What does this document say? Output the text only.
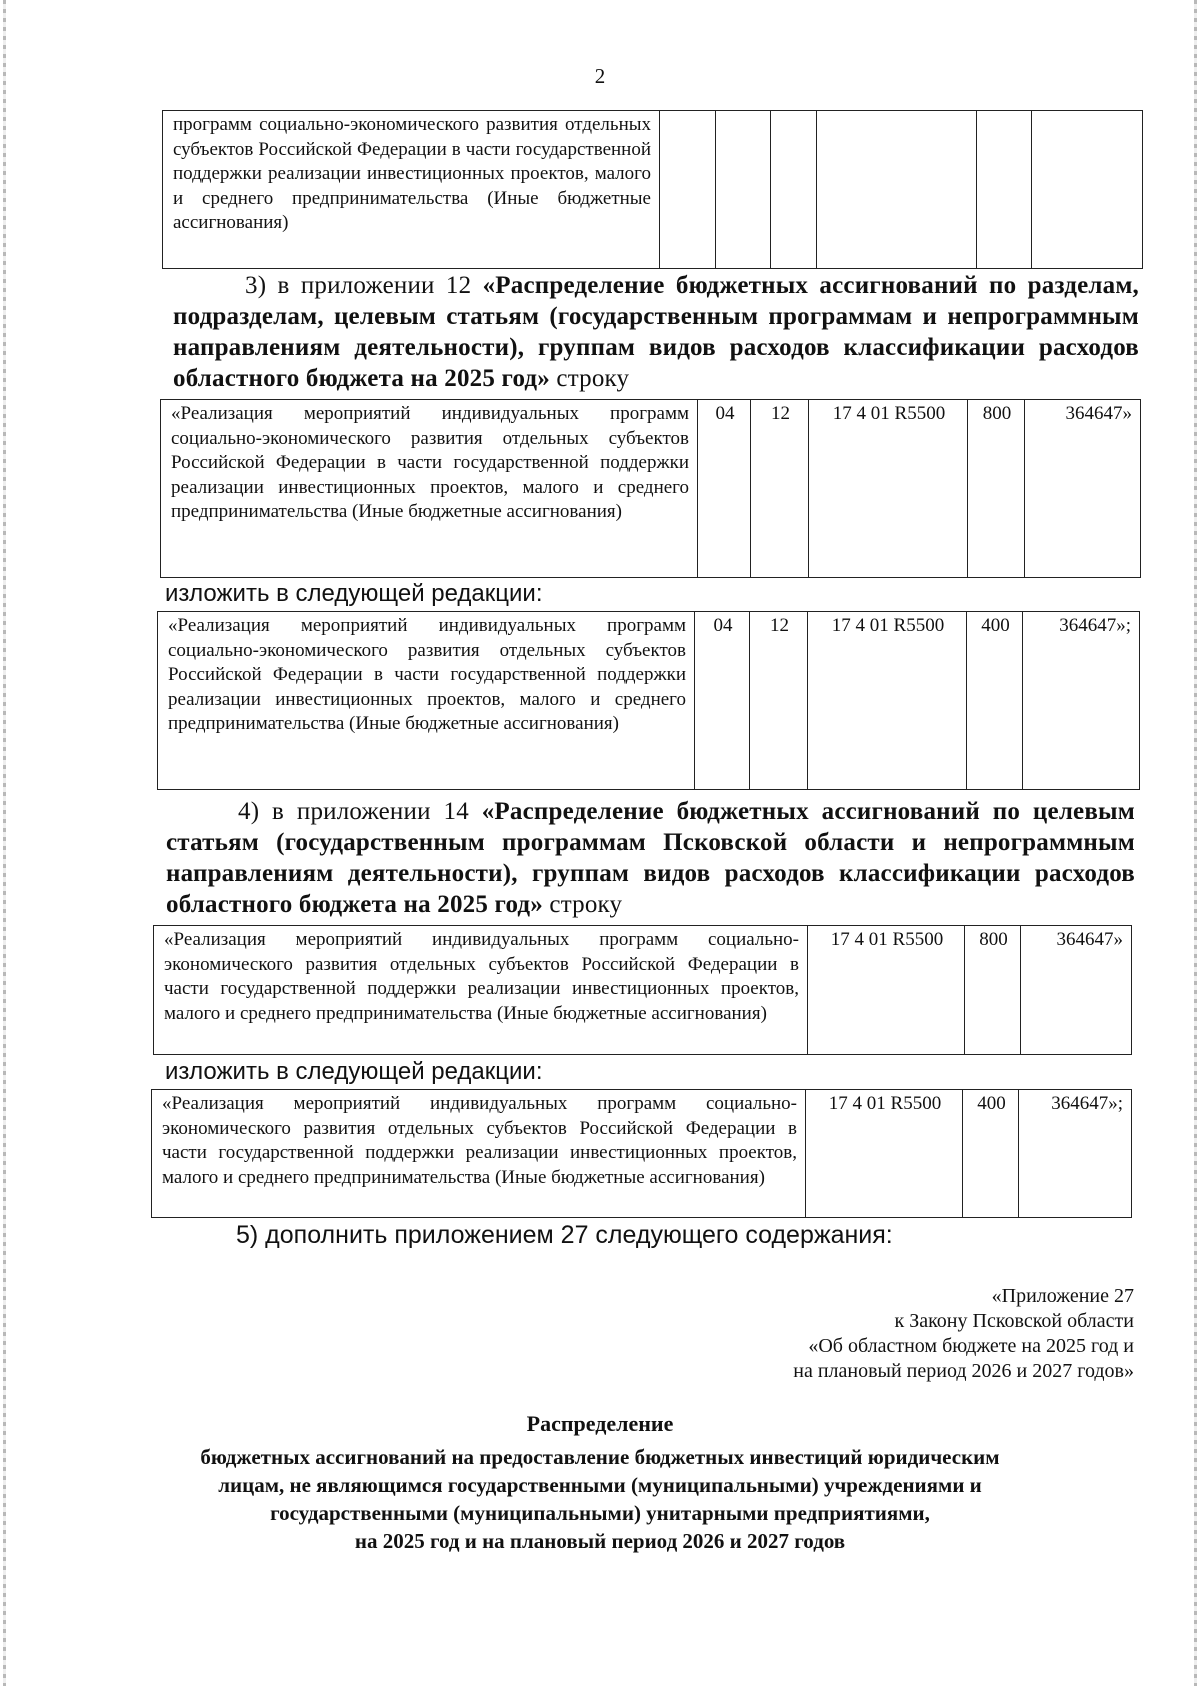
2
программ социально-экономического развития отдельных субъектов Российской Федерации в части государственной поддержки реализации инвестиционных проектов, малого и среднего предпринимательства (Иные бюджетные ассигнования)						
3) в приложении 12 «Распределение бюджетных ассигнований по разделам, подразделам, целевым статьям (государственным программам и непрограммным направлениям деятельности), группам видов расходов классификации расходов областного бюджета на 2025 год» строку
«Реализация мероприятий индивидуальных программ социально-экономического развития отдельных субъектов Российской Федерации в части государственной поддержки реализации инвестиционных проектов, малого и среднего предпринимательства (Иные бюджетные ассигнования)	04	12	17 4 01 R5500	800	364647»
изложить в следующей редакции:
«Реализация мероприятий индивидуальных программ социально-экономического развития отдельных субъектов Российской Федерации в части государственной поддержки реализации инвестиционных проектов, малого и среднего предпринимательства (Иные бюджетные ассигнования)	04	12	17 4 01 R5500	400	364647»;
4) в приложении 14 «Распределение бюджетных ассигнований по целевым статьям (государственным программам Псковской области и непрограммным направлениям деятельности), группам видов расходов классификации расходов областного бюджета на 2025 год» строку
«Реализация мероприятий индивидуальных программ социально-экономического развития отдельных субъектов Российской Федерации в части государственной поддержки реализации инвестиционных проектов, малого и среднего предпринимательства (Иные бюджетные ассигнования)	17 4 01 R5500	800	364647»
изложить в следующей редакции:
«Реализация мероприятий индивидуальных программ социально-экономического развития отдельных субъектов Российской Федерации в части государственной поддержки реализации инвестиционных проектов, малого и среднего предпринимательства (Иные бюджетные ассигнования)	17 4 01 R5500	400	364647»;
5) дополнить приложением 27 следующего содержания:
«Приложение 27
к Закону Псковской области
«Об областном бюджете на 2025 год и
на плановый период 2026 и 2027 годов»
Распределение
бюджетных ассигнований на предоставление бюджетных инвестиций юридическим
лицам, не являющимся государственными (муниципальными) учреждениями и
государственными (муниципальными) унитарными предприятиями,
на 2025 год и на плановый период 2026 и 2027 годов
